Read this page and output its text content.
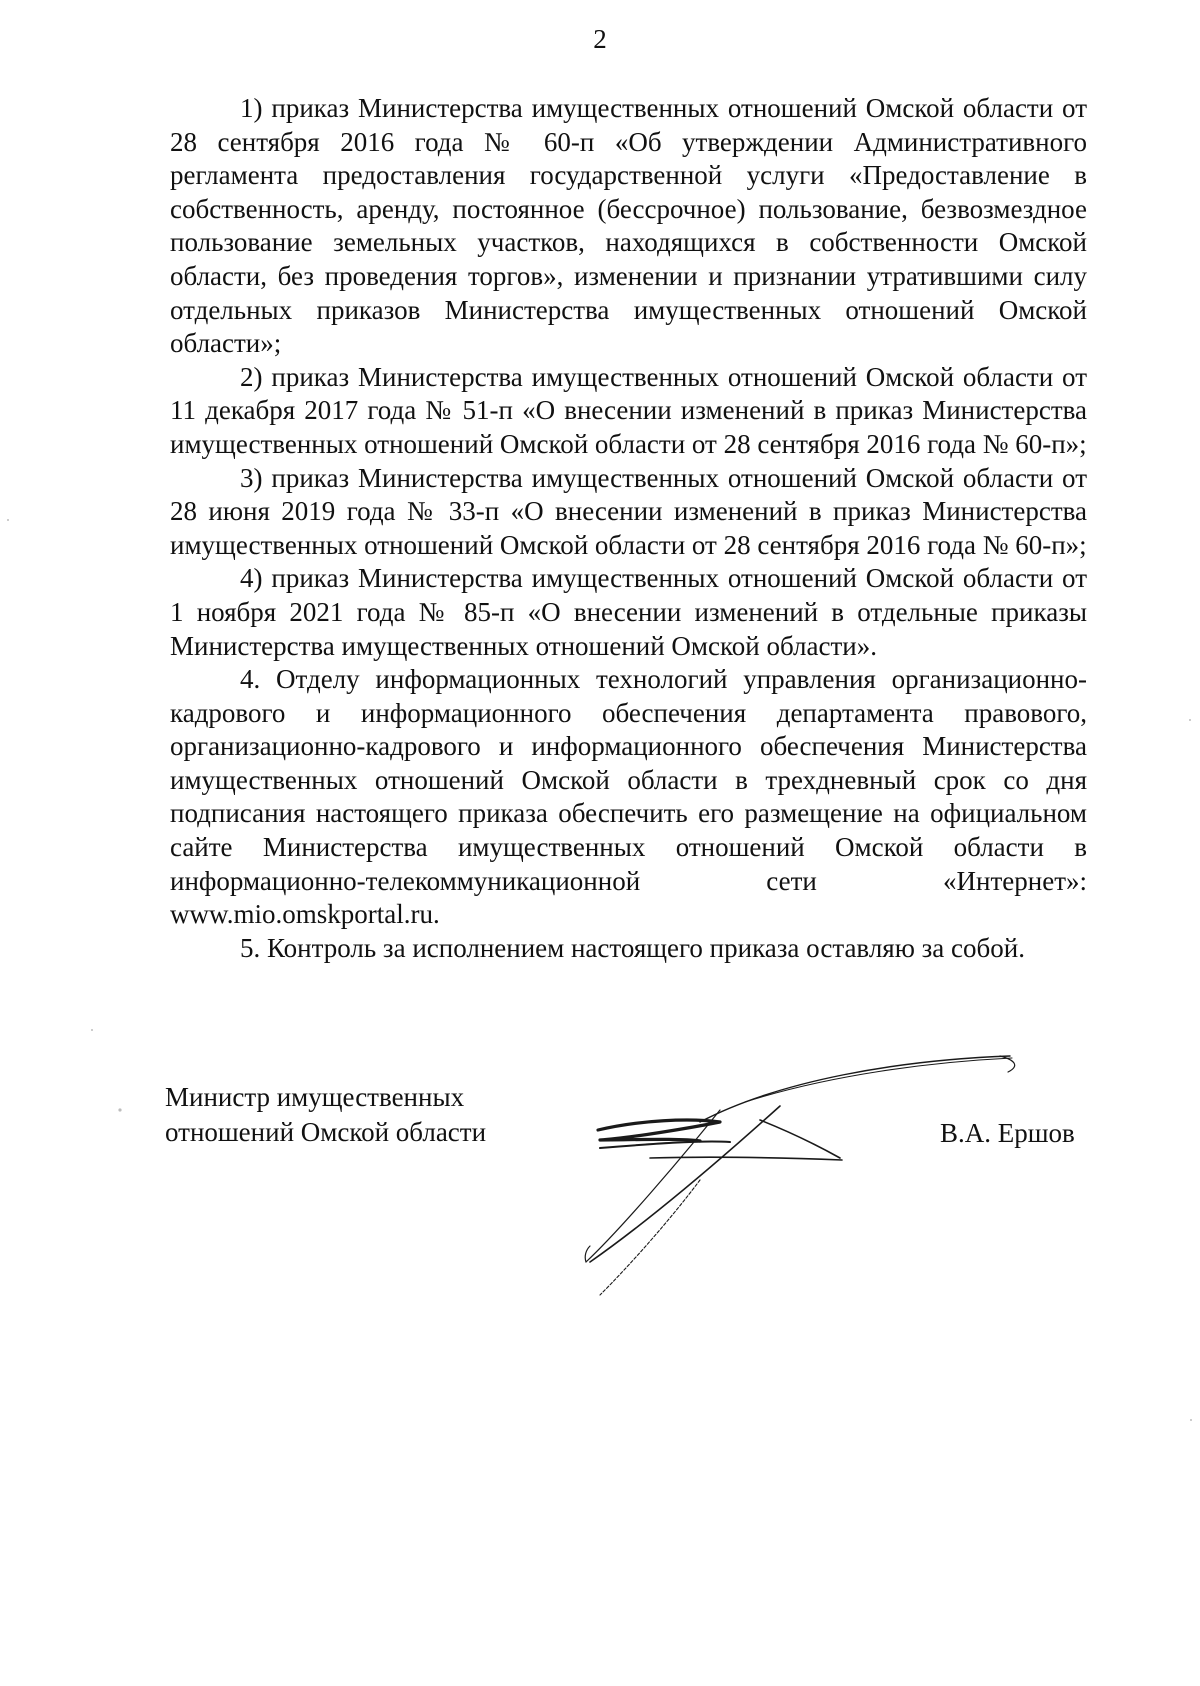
2

1) приказ Министерства имущественных отношений Омской области от 28 сентября 2016 года № 60-п «Об утверждении Административного регламента предоставления государственной услуги «Предоставление в собственность, аренду, постоянное (бессрочное) пользование, безвозмездное пользование земельных участков, находящихся в собственности Омской области, без проведения торгов», изменении и признании утратившими силу отдельных приказов Министерства имущественных отношений Омской области»;

2) приказ Министерства имущественных отношений Омской области от 11 декабря 2017 года № 51-п «О внесении изменений в приказ Министерства имущественных отношений Омской области от 28 сентября 2016 года № 60-п»;

3) приказ Министерства имущественных отношений Омской области от 28 июня 2019 года № 33-п «О внесении изменений в приказ Министерства имущественных отношений Омской области от 28 сентября 2016 года № 60-п»;

4) приказ Министерства имущественных отношений Омской области от 1 ноября 2021 года № 85-п «О внесении изменений в отдельные приказы Министерства имущественных отношений Омской области».

4. Отделу информационных технологий управления организационно-кадрового и информационного обеспечения департамента правового, организационно-кадрового и информационного обеспечения Министерства имущественных отношений Омской области в трехдневный срок со дня подписания настоящего приказа обеспечить его размещение на официальном сайте Министерства имущественных отношений Омской области в информационно-телекоммуникационной сети «Интернет»: www.mio.omskportal.ru.

5. Контроль за исполнением настоящего приказа оставляю за собой.

Министр имущественных
отношений Омской области	В.А. Ершов
